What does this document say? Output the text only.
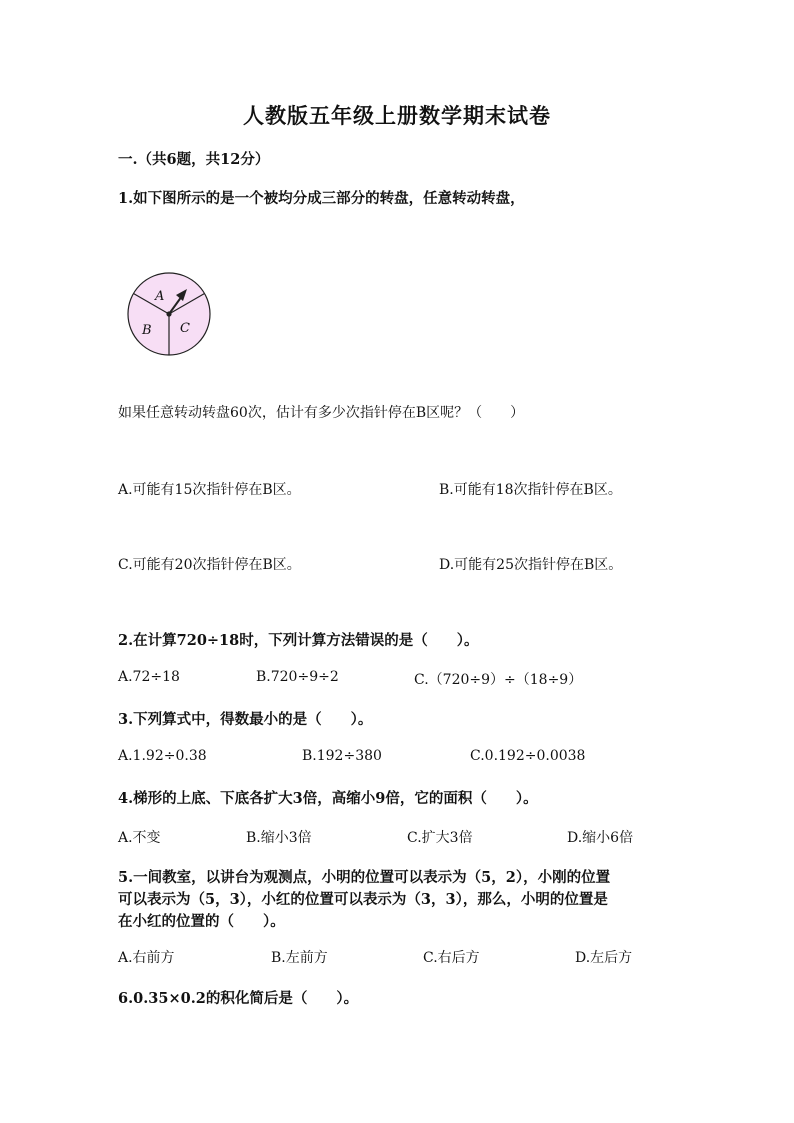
人教版五年级上册数学期末试卷
一.（共6题，共12分）
1.如下图所示的是一个被均分成三部分的转盘，任意转动转盘，
A
B C
如果任意转动转盘60次，估计有多少次指针停在B区呢？（　　）
A.可能有15次指针停在B区。	B.可能有18次指针停在B区。
C.可能有20次指针停在B区。	D.可能有25次指针停在B区。
2.在计算720÷18时，下列计算方法错误的是（　　）。
A.72÷18	B.720÷9÷2	C.（720÷9）÷（18÷9）
3.下列算式中，得数最小的是（　　）。
A.1.92÷0.38	B.192÷380	C.0.192÷0.0038
4.梯形的上底、下底各扩大3倍，高缩小9倍，它的面积（　　）。
A.不变	B.缩小3倍	C.扩大3倍	D.缩小6倍
5.一间教室，以讲台为观测点，小明的位置可以表示为（5，2），小刚的位置
可以表示为（5，3），小红的位置可以表示为（3，3），那么，小明的位置是
在小红的位置的（　　）。
A.右前方	B.左前方	C.右后方	D.左后方
6.0.35×0.2的积化简后是（　　）。
